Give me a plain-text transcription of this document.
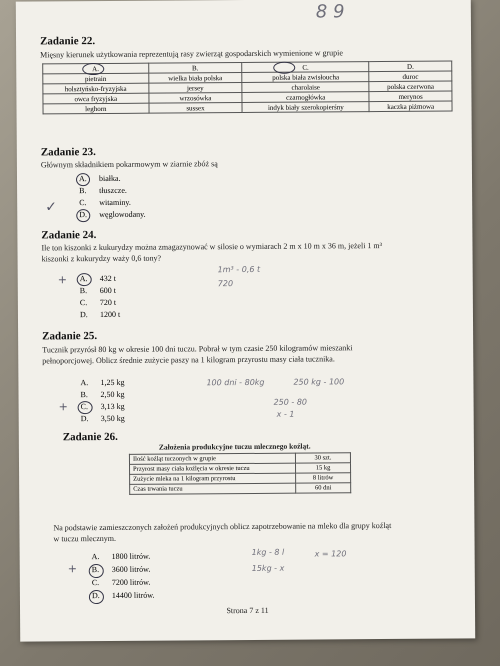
8 9
Zadanie 22.
Mięsny kierunek użytkowania reprezentują rasy zwierząt gospodarskich wymienione w grupie
A.	B.	C.	D.
pietrain	wielka biała polska	polska biała zwisłoucha	duroc
holsztyńsko-fryzyjska	jersey	charolaise	polska czerwona
owca fryzyjska	wrzosówka	czarnogłówka	merynos
leghorn	sussex	indyk biały szerokopierśny	kaczka piżmowa
Zadanie 23.
Głównym składnikiem pokarmowym w ziarnie zbóż są
A. białka.
B. tłuszcze.
C. witaminy.
D. węglowodany.
✓
Zadanie 24.
Ile ton kiszonki z kukurydzy można zmagazynować w silosie o wymiarach 2 m x 10 m x 36 m, jeżeli 1 m³
kiszonki z kukurydzy waży 0,6 tony?
A. 432 t
B. 600 t
C. 720 t
D. 1200 t
+
1m³ - 0,6 t
720
Zadanie 25.
Tucznik przyrósł 80 kg w okresie 100 dni tuczu. Pobrał w tym czasie 250 kilogramów mieszanki
pełnoporcjowej. Oblicz średnie zużycie paszy na 1 kilogram przyrostu masy ciała tucznika.
A. 1,25 kg
B. 2,50 kg
C. 3,13 kg
D. 3,50 kg
+
100 dni - 80kg	250 kg - 100
250 - 80
x - 1
Zadanie 26.
Założenia produkcyjne tuczu mlecznego koźląt.
Ilość koźląt tuczonych w grupie	30 szt.
Przyrost masy ciała koźlęcia w okresie tuczu	15 kg
Zużycie mleka na 1 kilogram przyrostu	8 litrów
Czas trwania tuczu	60 dni
Na podstawie zamieszczonych założeń produkcyjnych oblicz zapotrzebowanie na mleko dla grupy koźląt
w tuczu mlecznym.
A. 1800 litrów.
B. 3600 litrów.
C. 7200 litrów.
D. 14400 litrów.
+
1kg - 8 l
15kg - x
x = 120
Strona 7 z 11
